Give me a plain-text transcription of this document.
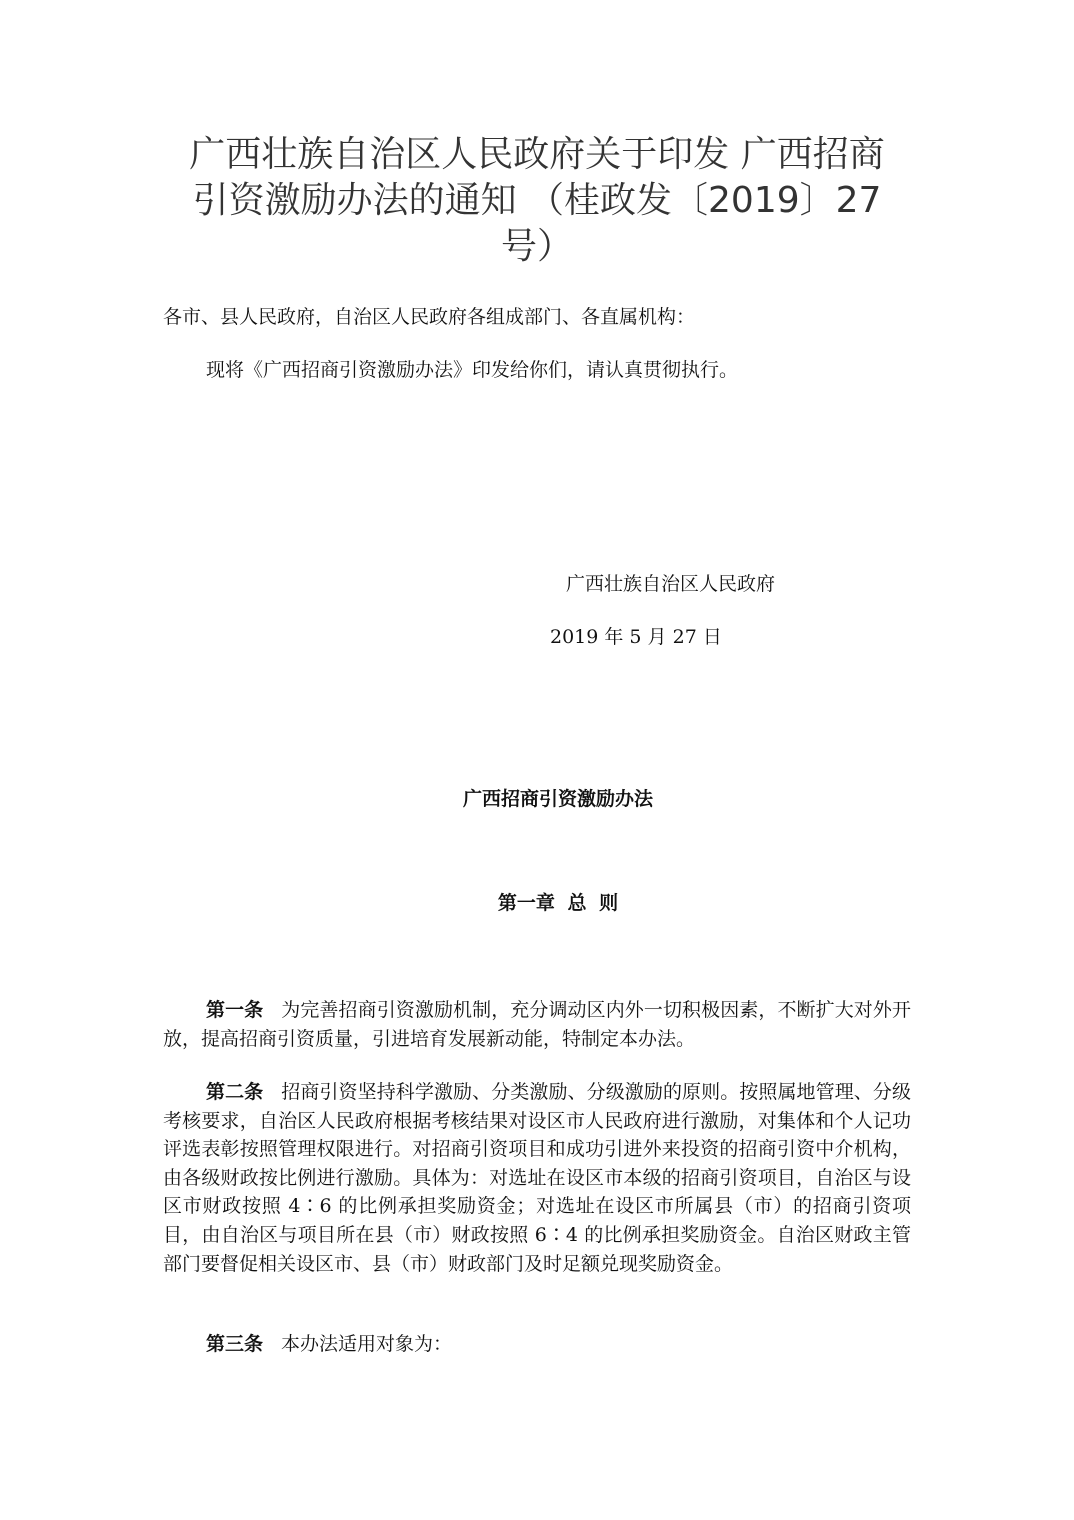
广西壮族自治区人民政府关于印发 广西招商
引资激励办法的通知 （桂政发〔2019〕27
号）

各市、县人民政府，自治区人民政府各组成部门、各直属机构：

现将《广西招商引资激励办法》印发给你们，请认真贯彻执行。

广西壮族自治区人民政府

2019 年 5 月 27 日

广西招商引资激励办法
第一章 总 则

第一条 为完善招商引资激励机制，充分调动区内外一切积极因素，不断扩大对外开放，提高招商引资质量，引进培育发展新动能，特制定本办法。

第二条 招商引资坚持科学激励、分类激励、分级激励的原则。按照属地管理、分级考核要求，自治区人民政府根据考核结果对设区市人民政府进行激励，对集体和个人记功评选表彰按照管理权限进行。对招商引资项目和成功引进外来投资的招商引资中介机构，由各级财政按比例进行激励。具体为：对选址在设区市本级的招商引资项目，自治区与设区市财政按照 4∶6 的比例承担奖励资金；对选址在设区市所属县（市）的招商引资项目，由自治区与项目所在县（市）财政按照 6∶4 的比例承担奖励资金。自治区财政主管部门要督促相关设区市、县（市）财政部门及时足额兑现奖励资金。

第三条 本办法适用对象为：
